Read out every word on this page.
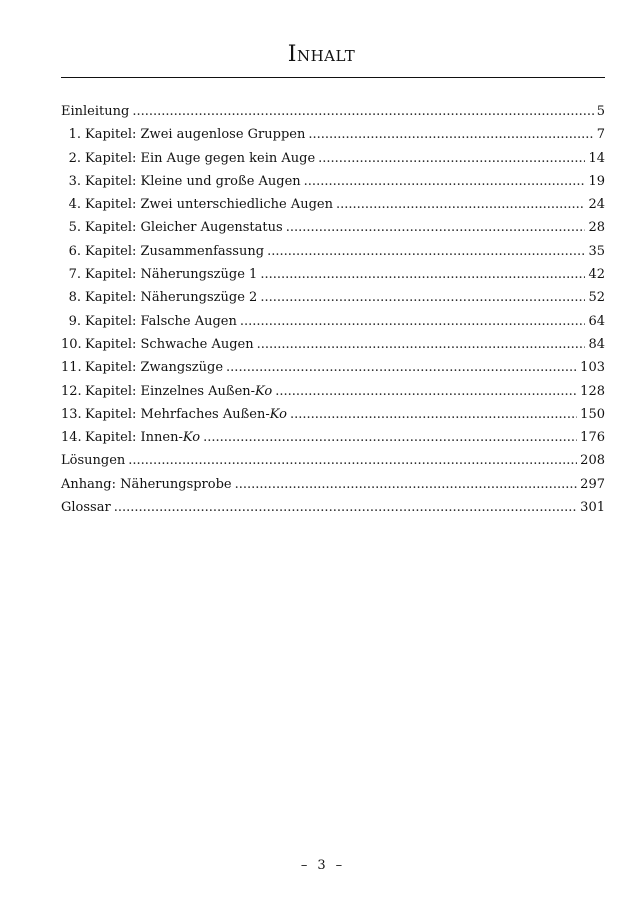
Inhalt
Einleitung .....	5
1. Kapitel: Zwei augenlose Gruppen .....	7
2. Kapitel: Ein Auge gegen kein Auge .....	14
3. Kapitel: Kleine und große Augen .....	19
4. Kapitel: Zwei unterschiedliche Augen .....	24
5. Kapitel: Gleicher Augenstatus .....	28
6. Kapitel: Zusammenfassung .....	35
7. Kapitel: Näherungszüge 1 .....	42
8. Kapitel: Näherungszüge 2 .....	52
9. Kapitel: Falsche Augen .....	64
10. Kapitel: Schwache Augen .....	84
11. Kapitel: Zwangszüge .....	103
12. Kapitel: Einzelnes Außen-Ko .....	128
13. Kapitel: Mehrfaches Außen-Ko .....	150
14. Kapitel: Innen-Ko .....	176
Lösungen .....	208
Anhang: Näherungsprobe .....	297
Glossar .....	301
– 3 –
